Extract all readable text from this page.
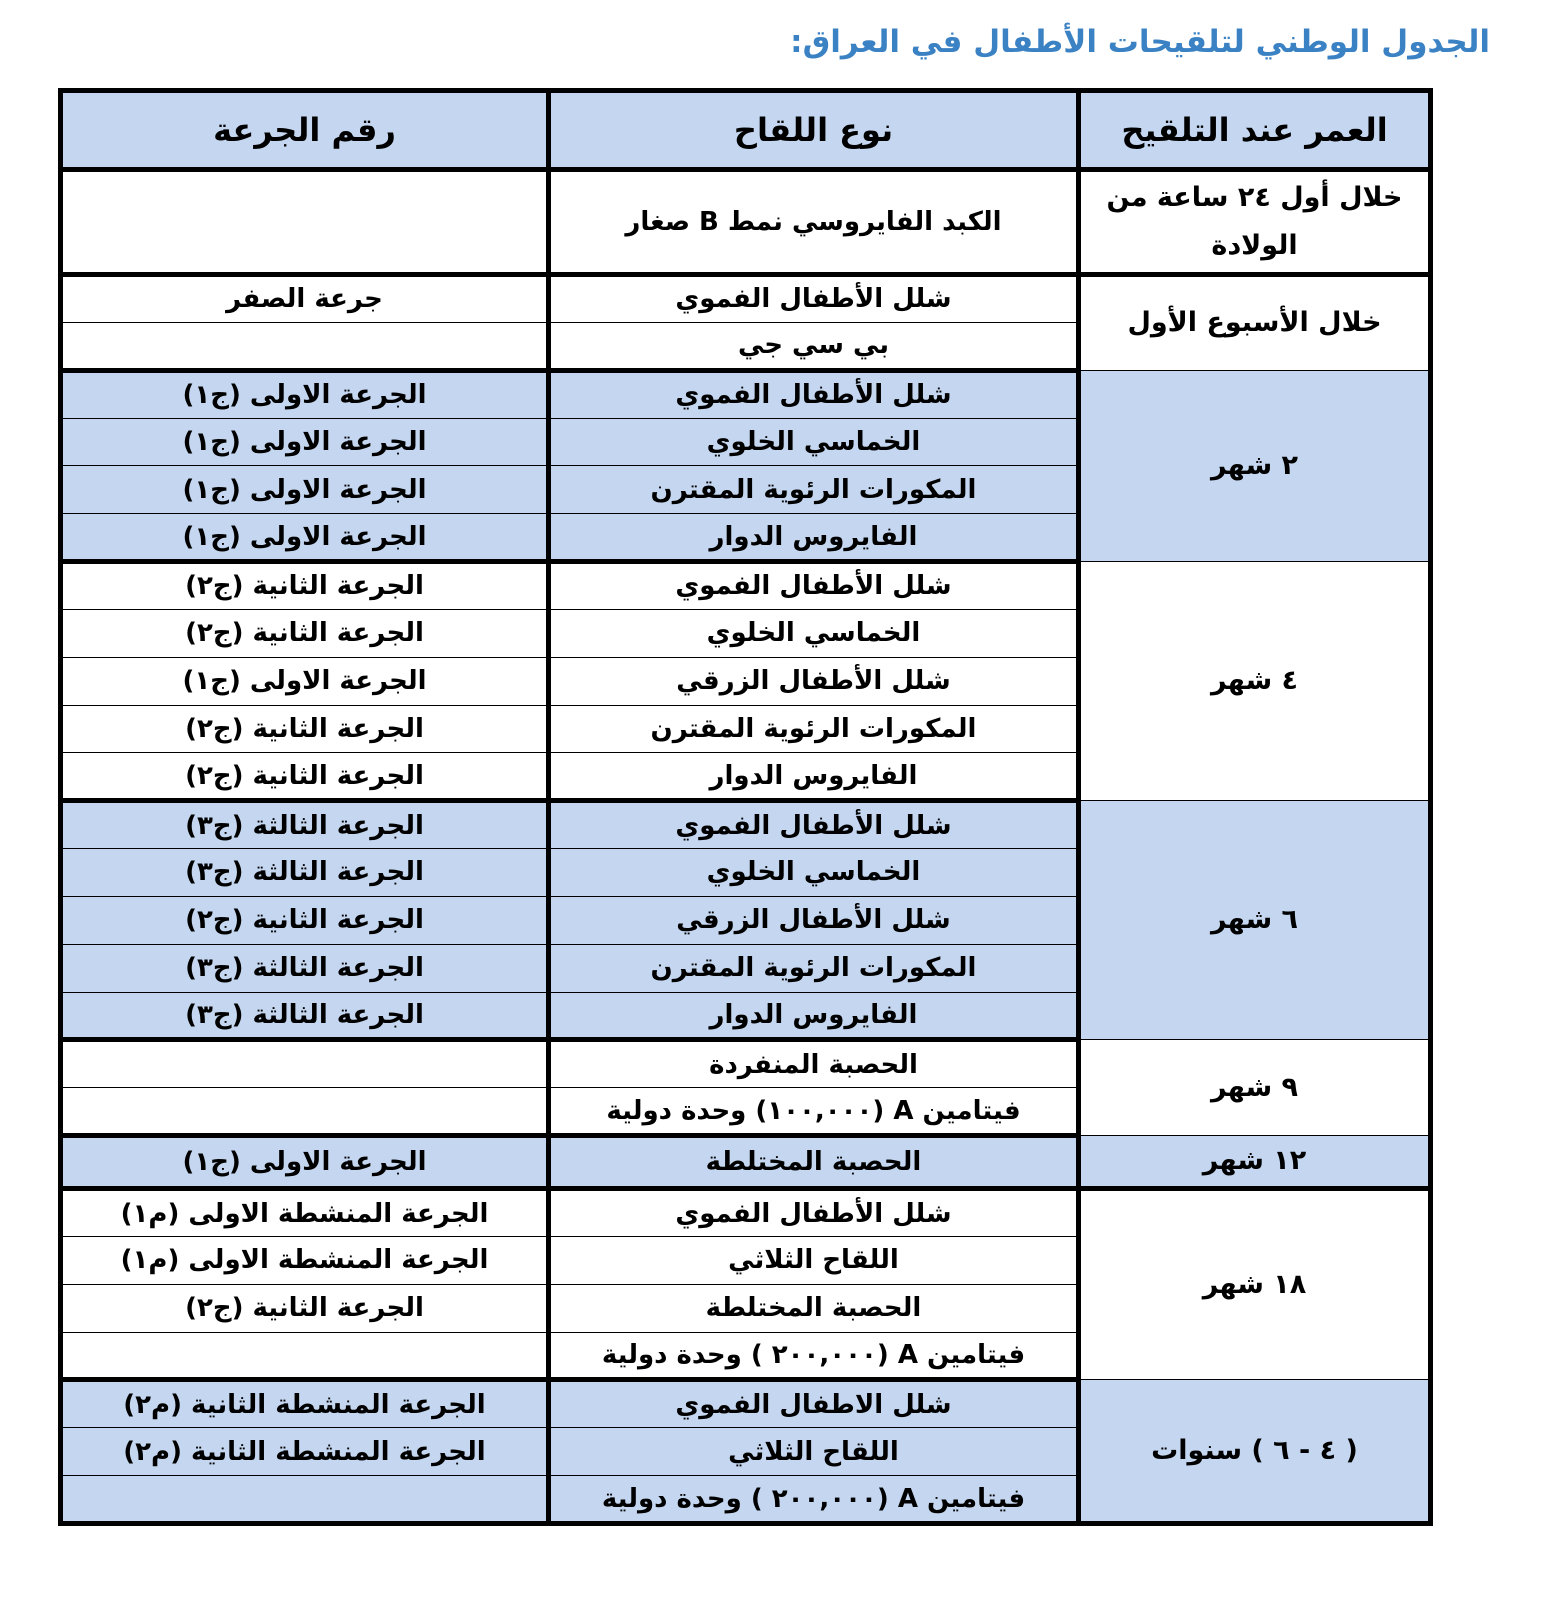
الجدول الوطني لتلقيحات الأطفال في العراق:
العمر عند التلقيح	نوع اللقاح	رقم الجرعة
خلال أول ٢٤ ساعة من الولادة	الكبد الفايروسي نمط B صغار	
خلال الأسبوع الأول	شلل الأطفال الفموي	جرعة الصفر
	بي سي جي	
٢ شهر	شلل الأطفال الفموي	الجرعة الاولى (ج١)
	الخماسي الخلوي	الجرعة الاولى (ج١)
	المكورات الرئوية المقترن	الجرعة الاولى (ج١)
	الفايروس الدوار	الجرعة الاولى (ج١)
٤ شهر	شلل الأطفال الفموي	الجرعة الثانية (ج٢)
	الخماسي الخلوي	الجرعة الثانية (ج٢)
	شلل الأطفال الزرقي	الجرعة الاولى (ج١)
	المكورات الرئوية المقترن	الجرعة الثانية (ج٢)
	الفايروس الدوار	الجرعة الثانية (ج٢)
٦ شهر	شلل الأطفال الفموي	الجرعة الثالثة (ج٣)
	الخماسي الخلوي	الجرعة الثالثة (ج٣)
	شلل الأطفال الزرقي	الجرعة الثانية (ج٢)
	المكورات الرئوية المقترن	الجرعة الثالثة (ج٣)
	الفايروس الدوار	الجرعة الثالثة (ج٣)
٩ شهر	الحصبة المنفردة	
	فيتامين A (١٠٠,٠٠٠) وحدة دولية	
١٢ شهر	الحصبة المختلطة	الجرعة الاولى (ج١)
١٨ شهر	شلل الأطفال الفموي	الجرعة المنشطة الاولى (م١)
	اللقاح الثلاثي	الجرعة المنشطة الاولى (م١)
	الحصبة المختلطة	الجرعة الثانية (ج٢)
	فيتامين A (٢٠٠,٠٠٠ ) وحدة دولية	
( ٤ - ٦ ) سنوات	شلل الاطفال الفموي	الجرعة المنشطة الثانية (م٢)
	اللقاح الثلاثي	الجرعة المنشطة الثانية (م٢)
	فيتامين A (٢٠٠,٠٠٠ ) وحدة دولية	
